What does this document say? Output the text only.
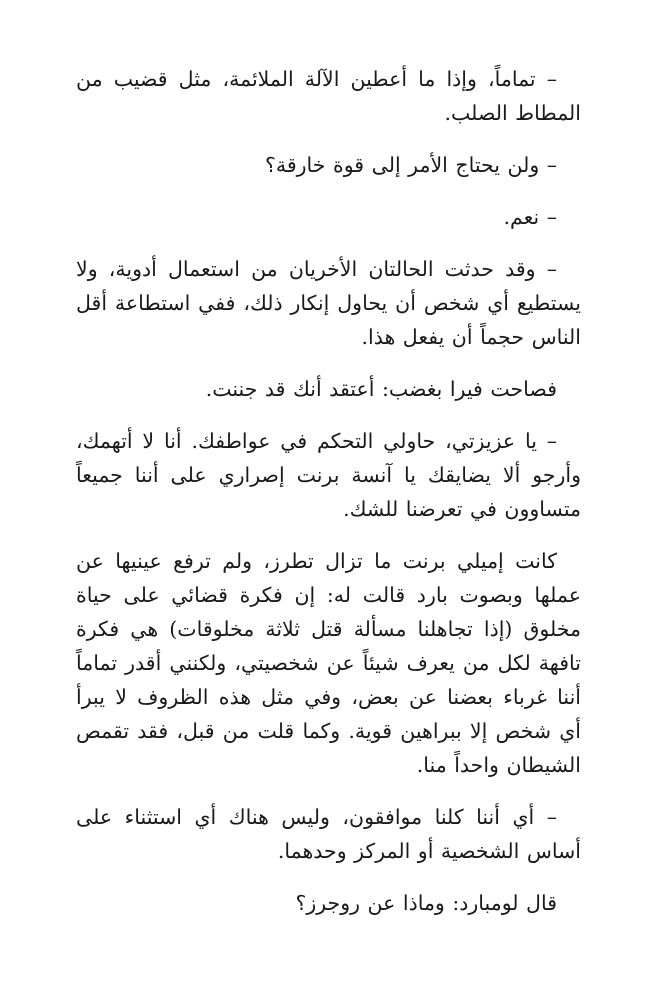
– تماماً، وإذا ما أعطين الآلة الملائمة، مثل قضيب من المطاط الصلب.

– ولن يحتاج الأمر إلى قوة خارقة؟

– نعم.

– وقد حدثت الحالتان الأخريان من استعمال أدوية، ولا يستطيع أي شخص أن يحاول إنكار ذلك، ففي استطاعة أقل الناس حجماً أن يفعل هذا.

فصاحت فيرا بغضب: أعتقد أنك قد جننت.

– يا عزيزتي، حاولي التحكم في عواطفك. أنا لا أتهمك، وأرجو ألا يضايقك يا آنسة برنت إصراري على أننا جميعاً متساوون في تعرضنا للشك.

كانت إميلي برنت ما تزال تطرز، ولم ترفع عينيها عن عملها وبصوت بارد قالت له: إن فكرة قضائي على حياة مخلوق (إذا تجاهلنا مسألة قتل ثلاثة مخلوقات) هي فكرة تافهة لكل من يعرف شيئاً عن شخصيتي، ولكنني أقدر تماماً أننا غرباء بعضنا عن بعض، وفي مثل هذه الظروف لا يبرأ أي شخص إلا ببراهين قوية. وكما قلت من قبل، فقد تقمص الشيطان واحداً منا.

– أي أننا كلنا موافقون، وليس هناك أي استثناء على أساس الشخصية أو المركز وحدهما.

قال لومبارد: وماذا عن روجرز؟
